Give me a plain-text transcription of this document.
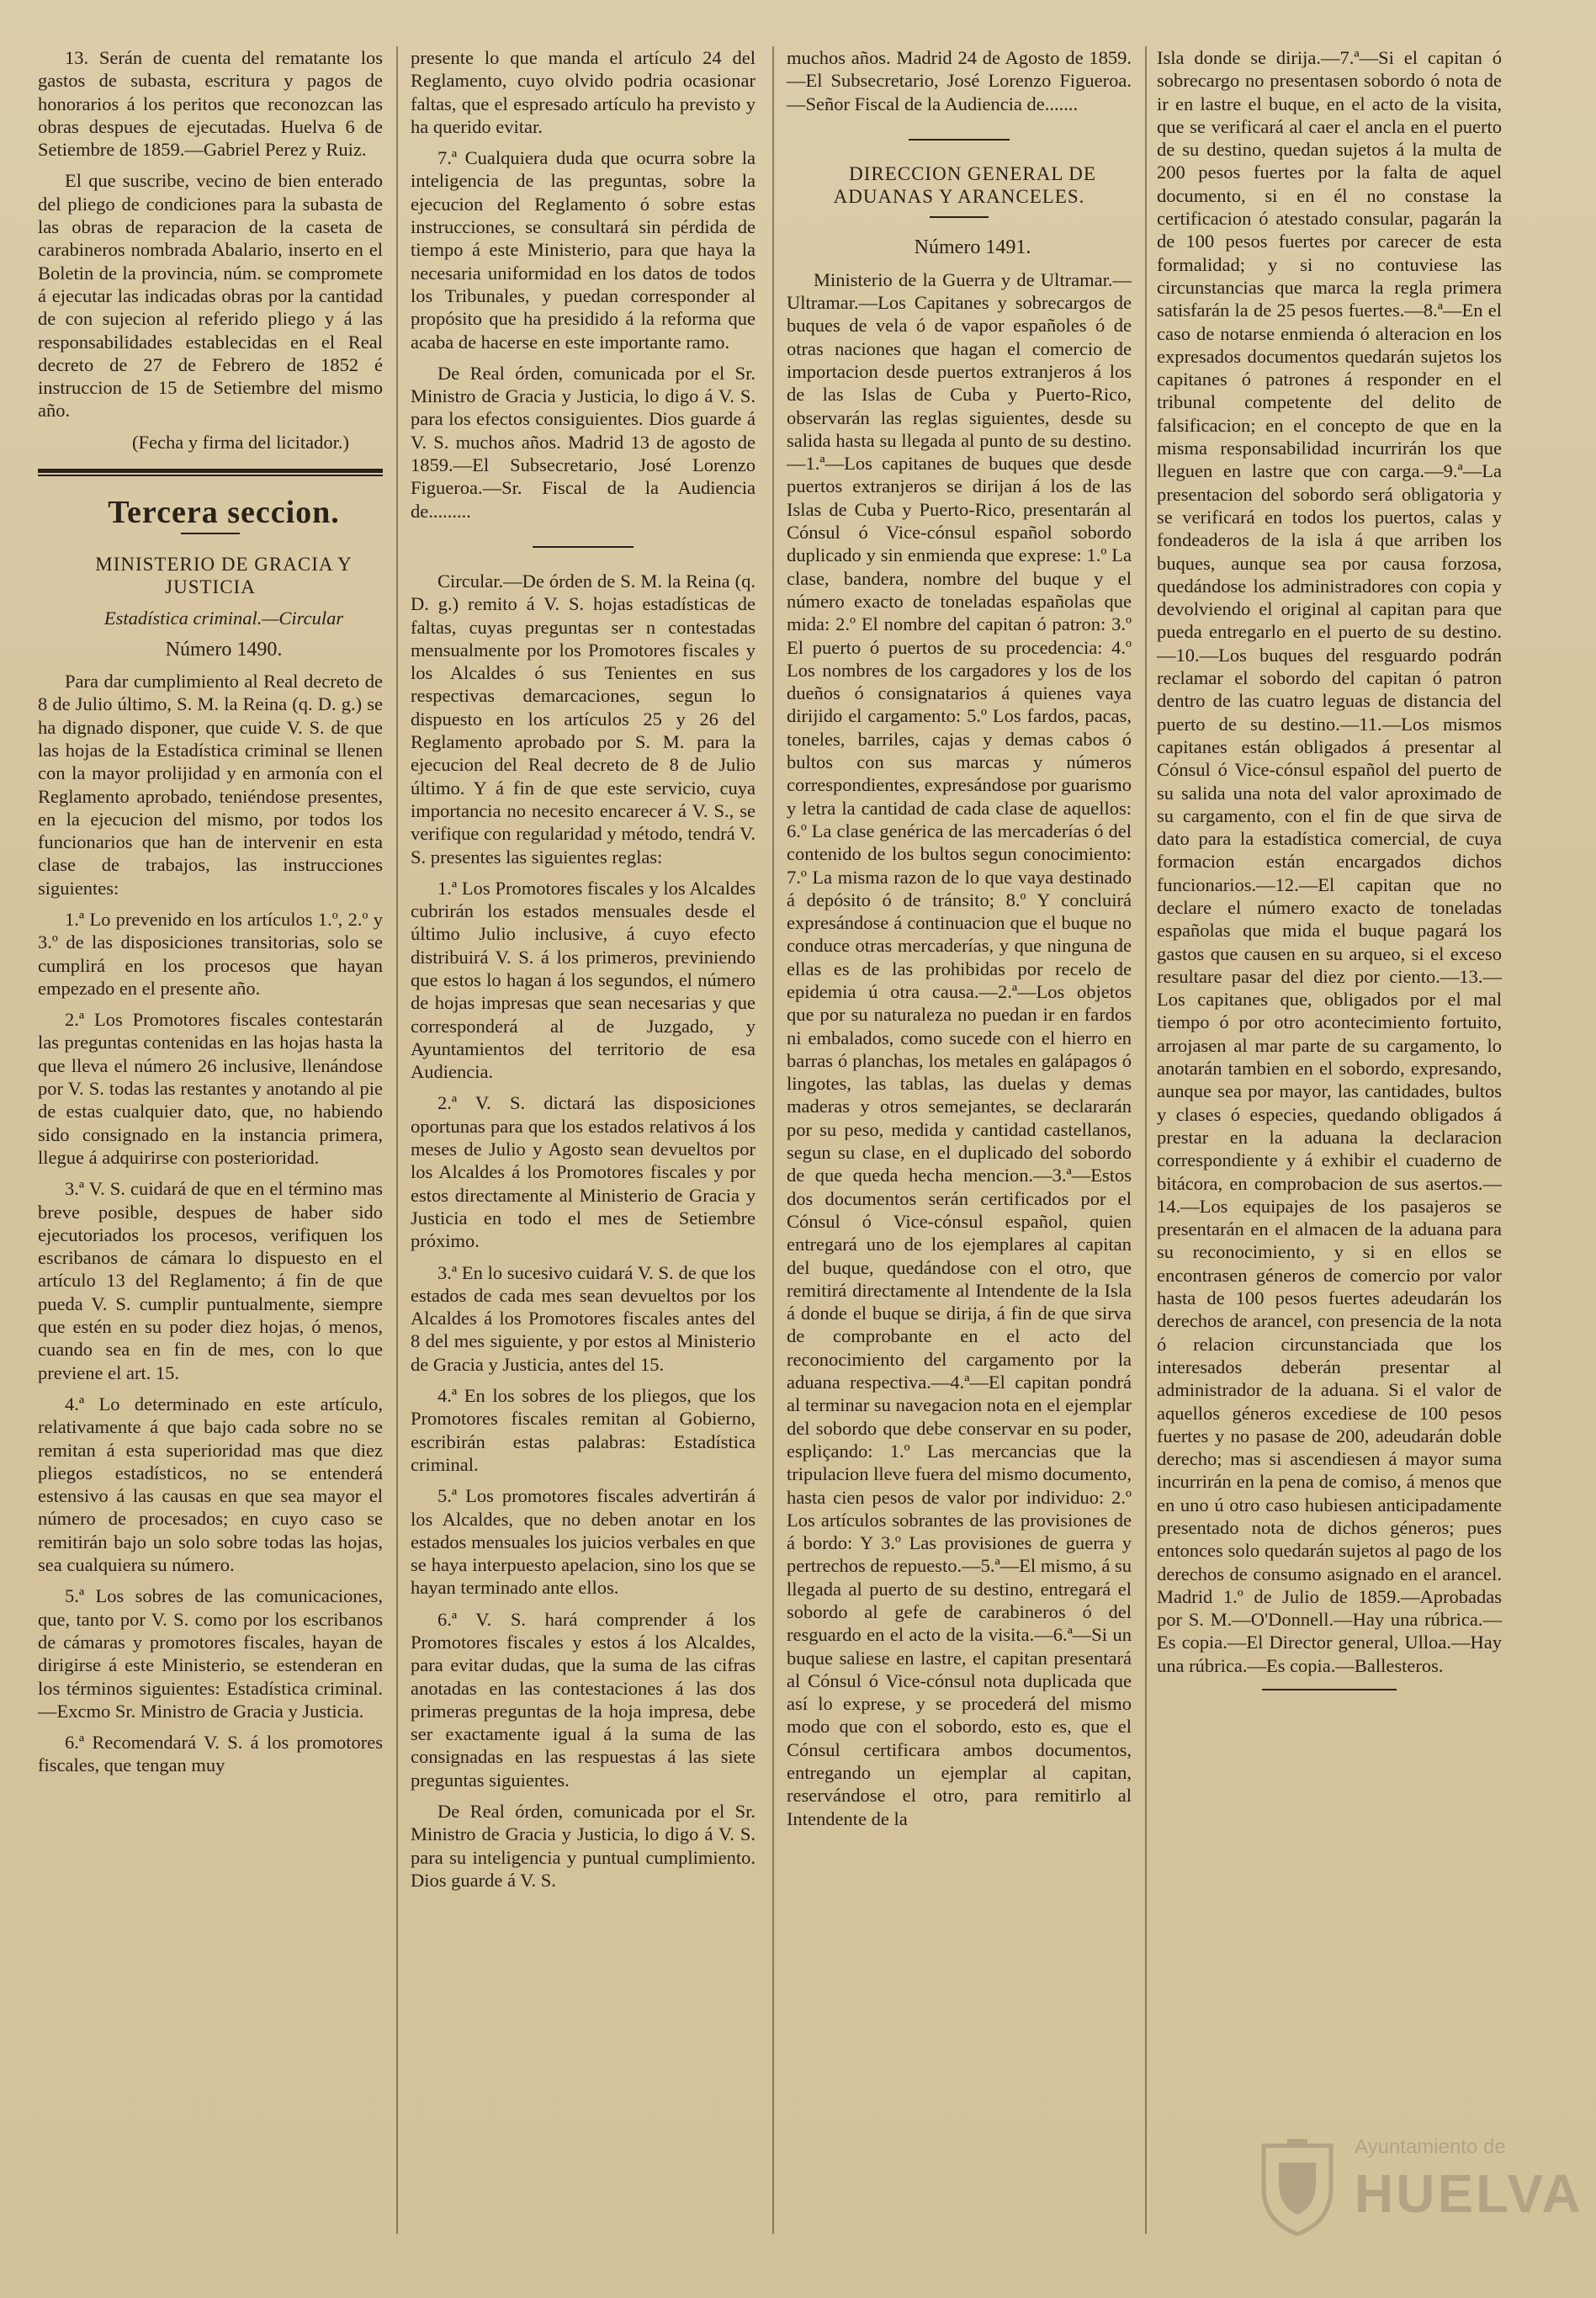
13. Serán de cuenta del rematante los gastos de subasta, escritura y pagos de honorarios á los peritos que reconozcan las obras despues de ejecutadas. Huelva 6 de Setiembre de 1859.—Gabriel Perez y Ruiz.

El que suscribe, vecino de bien enterado del pliego de condiciones para la subasta de las obras de reparacion de la caseta de carabineros nombrada Abalario, inserto en el Boletin de la provincia, núm. se compromete á ejecutar las indicadas obras por la cantidad de con sujecion al referido pliego y á las responsabilidades establecidas en el Real decreto de 27 de Febrero de 1852 é instruccion de 15 de Setiembre del mismo año.

(Fecha y firma del licitador.)

Tercera seccion.

MINISTERIO DE GRACIA Y JUSTICIA

Estadística criminal.—Circular

Número 1490.

Para dar cumplimiento al Real decreto de 8 de Julio último, S. M. la Reina (q. D. g.) se ha dignado disponer, que cuide V. S. de que las hojas de la Estadística criminal se llenen con la mayor prolijidad y en armonía con el Reglamento aprobado, teniéndose presentes, en la ejecucion del mismo, por todos los funcionarios que han de intervenir en esta clase de trabajos, las instrucciones siguientes:

1.ª Lo prevenido en los artículos 1.º, 2.º y 3.º de las disposiciones transitorias, solo se cumplirá en los procesos que hayan empezado en el presente año.

2.ª Los Promotores fiscales contestarán las preguntas contenidas en las hojas hasta la que lleva el número 26 inclusive, llenándose por V. S. todas las restantes y anotando al pie de estas cualquier dato, que, no habiendo sido consignado en la instancia primera, llegue á adquirirse con posterioridad.

3.ª V. S. cuidará de que en el término mas breve posible, despues de haber sido ejecutoriados los procesos, verifiquen los escribanos de cámara lo dispuesto en el artículo 13 del Reglamento; á fin de que pueda V. S. cumplir puntualmente, siempre que estén en su poder diez hojas, ó menos, cuando sea en fin de mes, con lo que previene el art. 15.

4.ª Lo determinado en este artículo, relativamente á que bajo cada sobre no se remitan á esta superioridad mas que diez pliegos estadísticos, no se entenderá estensivo á las causas en que sea mayor el número de procesados; en cuyo caso se remitirán bajo un solo sobre todas las hojas, sea cualquiera su número.

5.ª Los sobres de las comunicaciones, que, tanto por V. S. como por los escribanos de cámaras y promotores fiscales, hayan de dirigirse á este Ministerio, se estenderan en los términos siguientes: Estadística criminal.—Excmo Sr. Ministro de Gracia y Justicia.

6.ª Recomendará V. S. á los promotores fiscales, que tengan muy

presente lo que manda el artículo 24 del Reglamento, cuyo olvido podria ocasionar faltas, que el espresado artículo ha previsto y ha querido evitar.

7.ª Cualquiera duda que ocurra sobre la inteligencia de las preguntas, sobre la ejecucion del Reglamento ó sobre estas instrucciones, se consultará sin pérdida de tiempo á este Ministerio, para que haya la necesaria uniformidad en los datos de todos los Tribunales, y puedan corresponder al propósito que ha presidido á la reforma que acaba de hacerse en este importante ramo.

De Real órden, comunicada por el Sr. Ministro de Gracia y Justicia, lo digo á V. S. para los efectos consiguientes. Dios guarde á V. S. muchos años. Madrid 13 de agosto de 1859.—El Subsecretario, José Lorenzo Figueroa.—Sr. Fiscal de la Audiencia de.........

Circular.—De órden de S. M. la Reina (q. D. g.) remito á V. S. hojas estadísticas de faltas, cuyas preguntas ser n contestadas mensualmente por los Promotores fiscales y los Alcaldes ó sus Tenientes en sus respectivas demarcaciones, segun lo dispuesto en los artículos 25 y 26 del Reglamento aprobado por S. M. para la ejecucion del Real decreto de 8 de Julio último. Y á fin de que este servicio, cuya importancia no necesito encarecer á V. S., se verifique con regularidad y método, tendrá V. S. presentes las siguientes reglas:

1.ª Los Promotores fiscales y los Alcaldes cubrirán los estados mensuales desde el último Julio inclusive, á cuyo efecto distribuirá V. S. á los primeros, previniendo que estos lo hagan á los segundos, el número de hojas impresas que sean necesarias y que corresponderá al de Juzgado, y Ayuntamientos del territorio de esa Audiencia.

2.ª V. S. dictará las disposiciones oportunas para que los estados relativos á los meses de Julio y Agosto sean devueltos por los Alcaldes á los Promotores fiscales y por estos directamente al Ministerio de Gracia y Justicia en todo el mes de Setiembre próximo.

3.ª En lo sucesivo cuidará V. S. de que los estados de cada mes sean devueltos por los Alcaldes á los Promotores fiscales antes del 8 del mes siguiente, y por estos al Ministerio de Gracia y Justicia, antes del 15.

4.ª En los sobres de los pliegos, que los Promotores fiscales remitan al Gobierno, escribirán estas palabras: Estadística criminal.

5.ª Los promotores fiscales advertirán á los Alcaldes, que no deben anotar en los estados mensuales los juicios verbales en que se haya interpuesto apelacion, sino los que se hayan terminado ante ellos.

6.ª V. S. hará comprender á los Promotores fiscales y estos á los Alcaldes, para evitar dudas, que la suma de las cifras anotadas en las contestaciones á las dos primeras preguntas de la hoja impresa, debe ser exactamente igual á la suma de las consignadas en las respuestas á las siete preguntas siguientes.

De Real órden, comunicada por el Sr. Ministro de Gracia y Justicia, lo digo á V. S. para su inteligencia y puntual cumplimiento. Dios guarde á V. S.

muchos años. Madrid 24 de Agosto de 1859.—El Subsecretario, José Lorenzo Figueroa.—Señor Fiscal de la Audiencia de.......

DIRECCION GENERAL DE ADUANAS Y ARANCELES.

Número 1491.

Ministerio de la Guerra y de Ultramar.—Ultramar.—Los Capitanes y sobrecargos de buques de vela ó de vapor españoles ó de otras naciones que hagan el comercio de importacion desde puertos extranjeros á los de las Islas de Cuba y Puerto-Rico, observarán las reglas siguientes, desde su salida hasta su llegada al punto de su destino.—1.ª—Los capitanes de buques que desde puertos extranjeros se dirijan á los de las Islas de Cuba y Puerto-Rico, presentarán al Cónsul ó Vice-cónsul español sobordo duplicado y sin enmienda que exprese: 1.º La clase, bandera, nombre del buque y el número exacto de toneladas españolas que mida: 2.º El nombre del capitan ó patron: 3.º El puerto ó puertos de su procedencia: 4.º Los nombres de los cargadores y los de los dueños ó consignatarios á quienes vaya dirijido el cargamento: 5.º Los fardos, pacas, toneles, barriles, cajas y demas cabos ó bultos con sus marcas y números correspondientes, expresándose por guarismo y letra la cantidad de cada clase de aquellos: 6.º La clase genérica de las mercaderías ó del contenido de los bultos segun conocimiento: 7.º La misma razon de lo que vaya destinado á depósito ó de tránsito; 8.º Y concluirá expresándose á continuacion que el buque no conduce otras mercaderías, y que ninguna de ellas es de las prohibidas por recelo de epidemia ú otra causa.—2.ª—Los objetos que por su naturaleza no puedan ir en fardos ni embalados, como sucede con el hierro en barras ó planchas, los metales en galápagos ó lingotes, las tablas, las duelas y demas maderas y otros semejantes, se declararán por su peso, medida y cantidad castellanos, segun su clase, en el duplicado del sobordo de que queda hecha mencion.—3.ª—Estos dos documentos serán certificados por el Cónsul ó Vice-cónsul español, quien entregará uno de los ejemplares al capitan del buque, quedándose con el otro, que remitirá directamente al Intendente de la Isla á donde el buque se dirija, á fin de que sirva de comprobante en el acto del reconocimiento del cargamento por la aduana respectiva.—4.ª—El capitan pondrá al terminar su navegacion nota en el ejemplar del sobordo que debe conservar en su poder, espliçando: 1.º Las mercancias que la tripulacion lleve fuera del mismo documento, hasta cien pesos de valor por individuo: 2.º Los artículos sobrantes de las provisiones de á bordo: Y 3.º Las provisiones de guerra y pertrechos de repuesto.—5.ª—El mismo, á su llegada al puerto de su destino, entregará el sobordo al gefe de carabineros ó del resguardo en el acto de la visita.—6.ª—Si un buque saliese en lastre, el capitan presentará al Cónsul ó Vice-cónsul nota duplicada que así lo exprese, y se procederá del mismo modo que con el sobordo, esto es, que el Cónsul certificara ambos documentos, entregando un ejemplar al capitan, reservándose el otro, para remitirlo al Intendente de la

Isla donde se dirija.—7.ª—Si el capitan ó sobrecargo no presentasen sobordo ó nota de ir en lastre el buque, en el acto de la visita, que se verificará al caer el ancla en el puerto de su destino, quedan sujetos á la multa de 200 pesos fuertes por la falta de aquel documento, si en él no constase la certificacion ó atestado consular, pagarán la de 100 pesos fuertes por carecer de esta formalidad; y si no contuviese las circunstancias que marca la regla primera satisfarán la de 25 pesos fuertes.—8.ª—En el caso de notarse enmienda ó alteracion en los expresados documentos quedarán sujetos los capitanes ó patrones á responder en el tribunal competente del delito de falsificacion; en el concepto de que en la misma responsabilidad incurrirán los que lleguen en lastre que con carga.—9.ª—La presentacion del sobordo será obligatoria y se verificará en todos los puertos, calas y fondeaderos de la isla á que arriben los buques, aunque sea por causa forzosa, quedándose los administradores con copia y devolviendo el original al capitan para que pueda entregarlo en el puerto de su destino.—10.—Los buques del resguardo podrán reclamar el sobordo del capitan ó patron dentro de las cuatro leguas de distancia del puerto de su destino.—11.—Los mismos capitanes están obligados á presentar al Cónsul ó Vice-cónsul español del puerto de su salida una nota del valor aproximado de su cargamento, con el fin de que sirva de dato para la estadística comercial, de cuya formacion están encargados dichos funcionarios.—12.—El capitan que no declare el número exacto de toneladas españolas que mida el buque pagará los gastos que causen en su arqueo, si el exceso resultare pasar del diez por ciento.—13.—Los capitanes que, obligados por el mal tiempo ó por otro acontecimiento fortuito, arrojasen al mar parte de su cargamento, lo anotarán tambien en el sobordo, expresando, aunque sea por mayor, las cantidades, bultos y clases ó especies, quedando obligados á prestar en la aduana la declaracion correspondiente y á exhibir el cuaderno de bitácora, en comprobacion de sus asertos.—14.—Los equipajes de los pasajeros se presentarán en el almacen de la aduana para su reconocimiento, y si en ellos se encontrasen géneros de comercio por valor hasta de 100 pesos fuertes adeudarán los derechos de arancel, con presencia de la nota ó relacion circunstanciada que los interesados deberán presentar al administrador de la aduana. Si el valor de aquellos géneros excediese de 100 pesos fuertes y no pasase de 200, adeudarán doble derecho; mas si ascendiesen á mayor suma incurrirán en la pena de comiso, á menos que en uno ú otro caso hubiesen anticipadamente presentado nota de dichos géneros; pues entonces solo quedarán sujetos al pago de los derechos de consumo asignado en el arancel. Madrid 1.º de Julio de 1859.—Aprobadas por S. M.—O'Donnell.—Hay una rúbrica.—Es copia.—El Director general, Ulloa.—Hay una rúbrica.—Es copia.—Ballesteros.

Ayuntamiento de
HUELVA
